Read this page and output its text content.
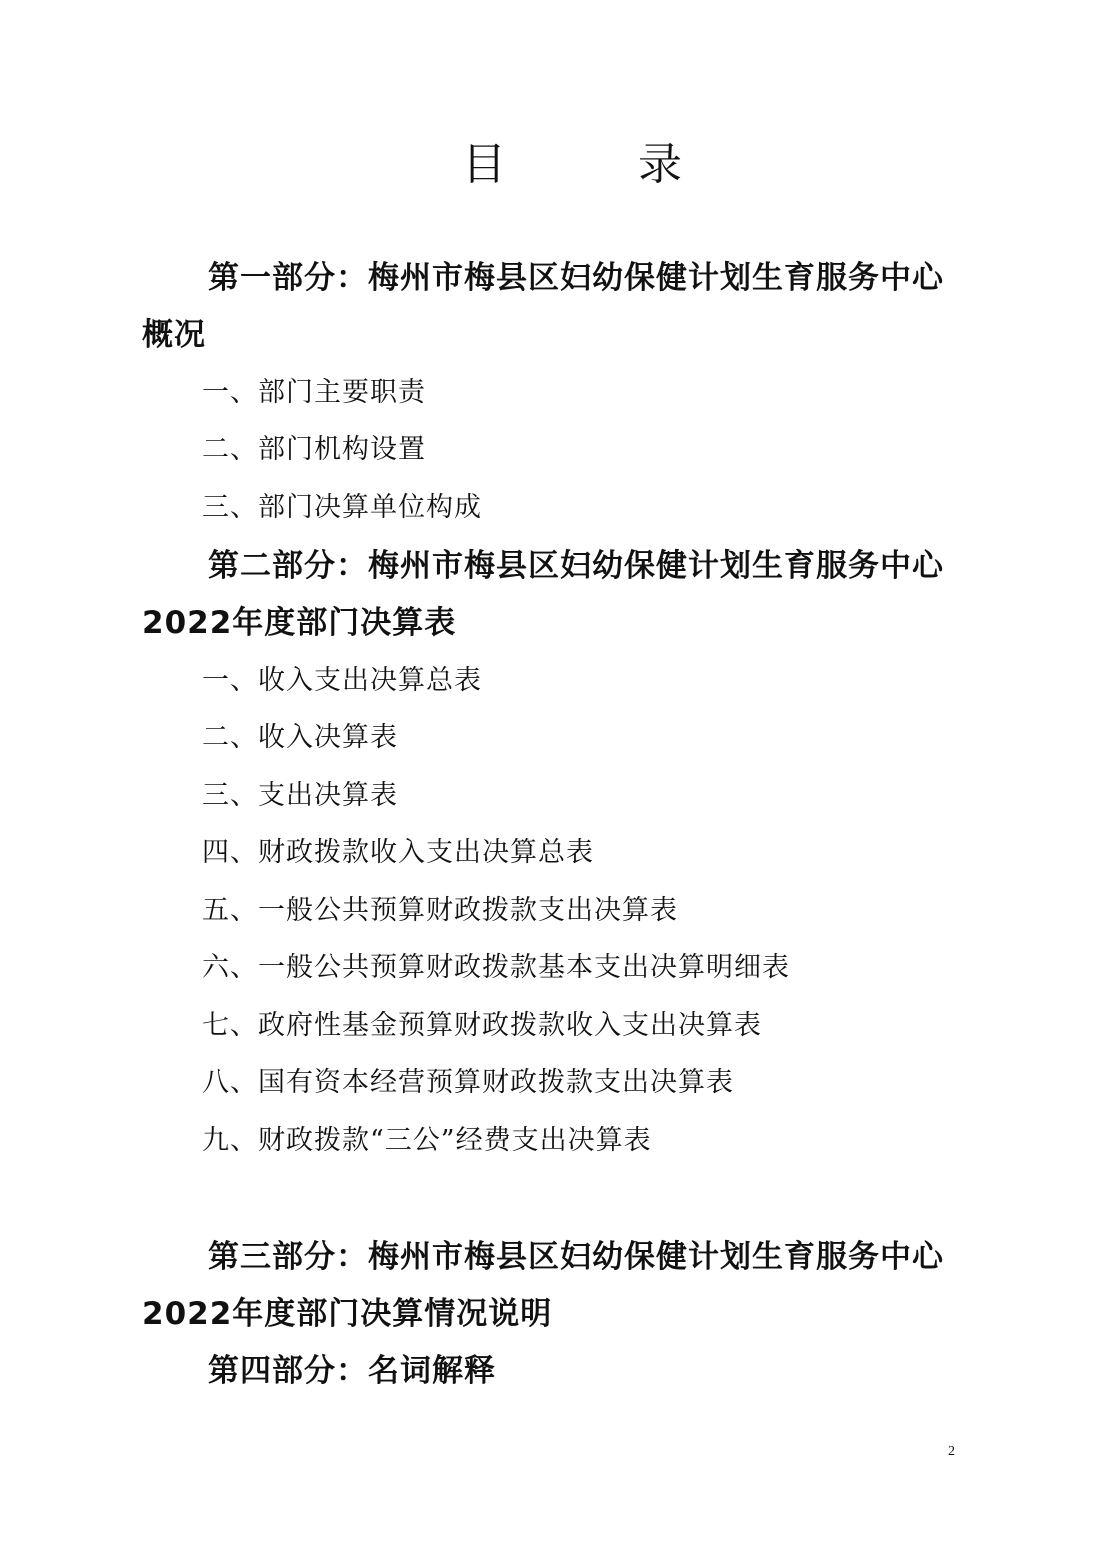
目	录
第一部分：梅州市梅县区妇幼保健计划生育服务中心 概况
一、部门主要职责
二、部门机构设置
三、部门决算单位构成
第二部分：梅州市梅县区妇幼保健计划生育服务中心 2022年度部门决算表
一、收入支出决算总表
二、收入决算表
三、支出决算表
四、财政拨款收入支出决算总表
五、一般公共预算财政拨款支出决算表
六、一般公共预算财政拨款基本支出决算明细表
七、政府性基金预算财政拨款收入支出决算表
八、国有资本经营预算财政拨款支出决算表
九、财政拨款“三公”经费支出决算表
第三部分：梅州市梅县区妇幼保健计划生育服务中心 2022年度部门决算情况说明
第四部分：名词解释
2
